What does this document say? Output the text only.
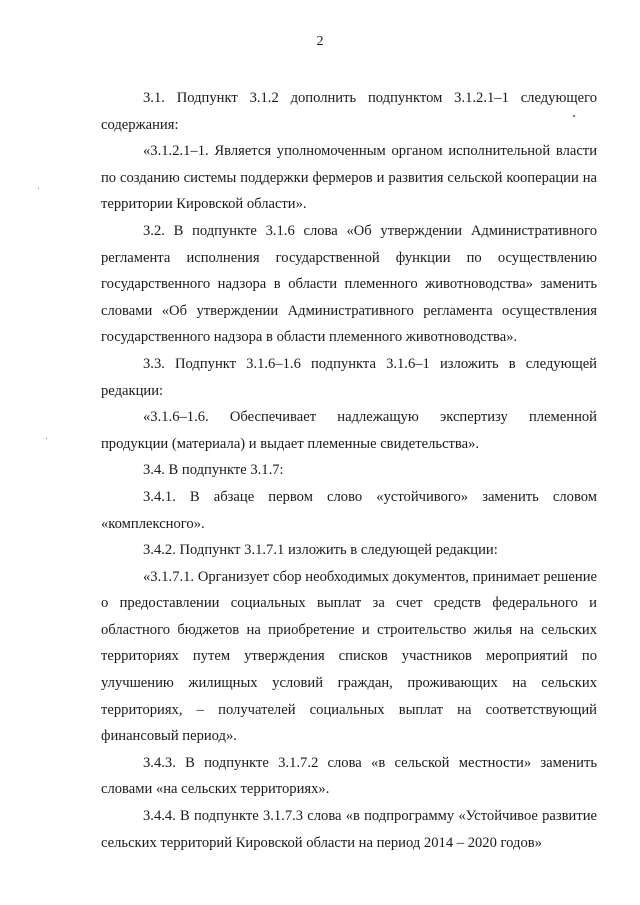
2

3.1. Подпункт 3.1.2 дополнить подпунктом 3.1.2.1–1 следующего содержания:

«3.1.2.1–1. Является уполномоченным органом исполнительной власти по созданию системы поддержки фермеров и развития сельской кооперации на территории Кировской области».

3.2. В подпункте 3.1.6 слова «Об утверждении Административного регламента исполнения государственной функции по осуществлению государственного надзора в области племенного животноводства» заменить словами «Об утверждении Административного регламента осуществления государственного надзора в области племенного животноводства».

3.3. Подпункт 3.1.6–1.6 подпункта 3.1.6–1 изложить в следующей редакции:

«3.1.6–1.6. Обеспечивает надлежащую экспертизу племенной продукции (материала) и выдает племенные свидетельства».

3.4. В подпункте 3.1.7:

3.4.1. В абзаце первом слово «устойчивого» заменить словом «комплексного».

3.4.2. Подпункт 3.1.7.1 изложить в следующей редакции:

«3.1.7.1. Организует сбор необходимых документов, принимает решение о предоставлении социальных выплат за счет средств федерального и областного бюджетов на приобретение и строительство жилья на сельских территориях путем утверждения списков участников мероприятий по улучшению жилищных условий граждан, проживающих на сельских территориях, – получателей социальных выплат на соответствующий финансовый период».

3.4.3. В подпункте 3.1.7.2 слова «в сельской местности» заменить словами «на сельских территориях».

3.4.4. В подпункте 3.1.7.3 слова «в подпрограмму «Устойчивое развитие сельских территорий Кировской области на период 2014 – 2020 годов»
